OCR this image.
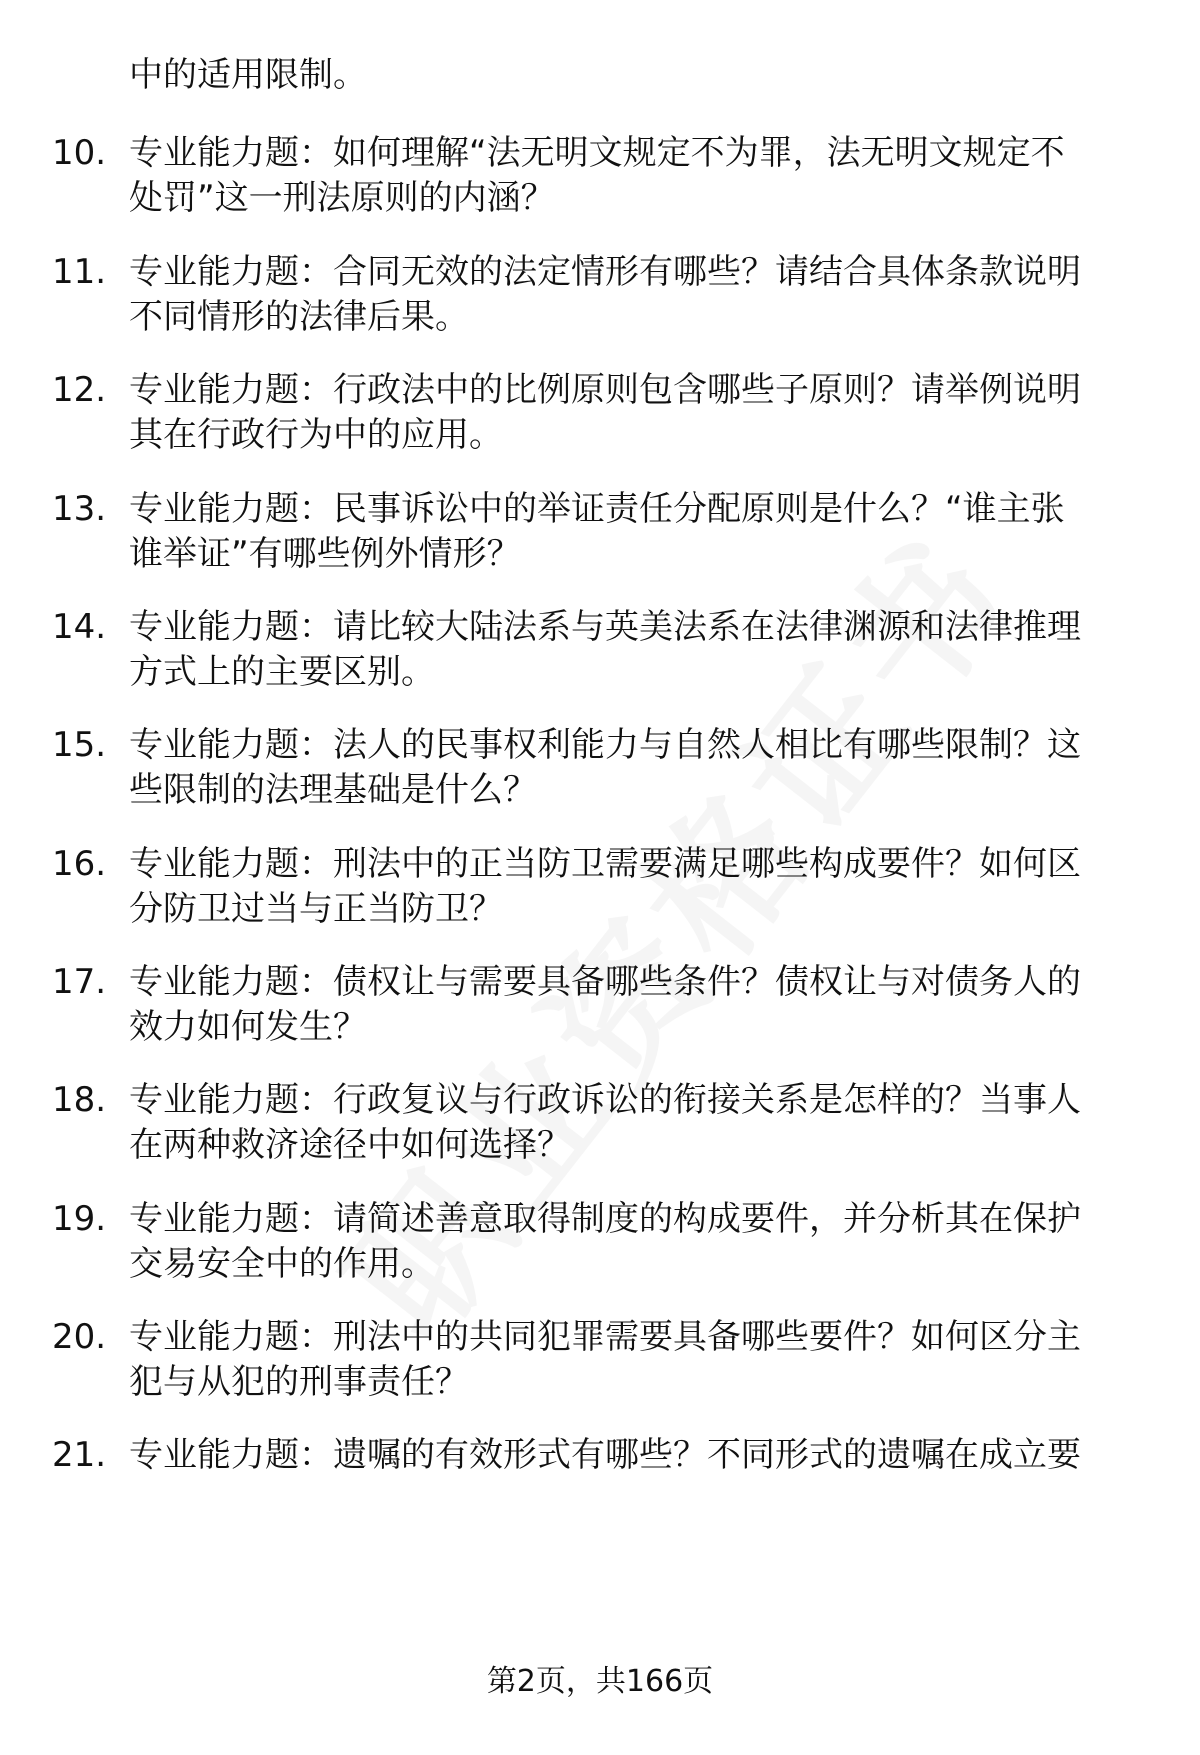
中的适用限制。
10. 专业能力题：如何理解“法无明文规定不为罪，法无明文规定不
处罚”这一刑法原则的内涵？
11. 专业能力题：合同无效的法定情形有哪些？请结合具体条款说明
不同情形的法律后果。
12. 专业能力题：行政法中的比例原则包含哪些子原则？请举例说明
其在行政行为中的应用。
13. 专业能力题：民事诉讼中的举证责任分配原则是什么？“谁主张
谁举证”有哪些例外情形？
14. 专业能力题：请比较大陆法系与英美法系在法律渊源和法律推理
方式上的主要区别。
15. 专业能力题：法人的民事权利能力与自然人相比有哪些限制？这
些限制的法理基础是什么？
16. 专业能力题：刑法中的正当防卫需要满足哪些构成要件？如何区
分防卫过当与正当防卫？
17. 专业能力题：债权让与需要具备哪些条件？债权让与对债务人的
效力如何发生？
18. 专业能力题：行政复议与行政诉讼的衔接关系是怎样的？当事人
在两种救济途径中如何选择？
19. 专业能力题：请简述善意取得制度的构成要件，并分析其在保护
交易安全中的作用。
20. 专业能力题：刑法中的共同犯罪需要具备哪些要件？如何区分主
犯与从犯的刑事责任？
21. 专业能力题：遗嘱的有效形式有哪些？不同形式的遗嘱在成立要
第2页，共166页
